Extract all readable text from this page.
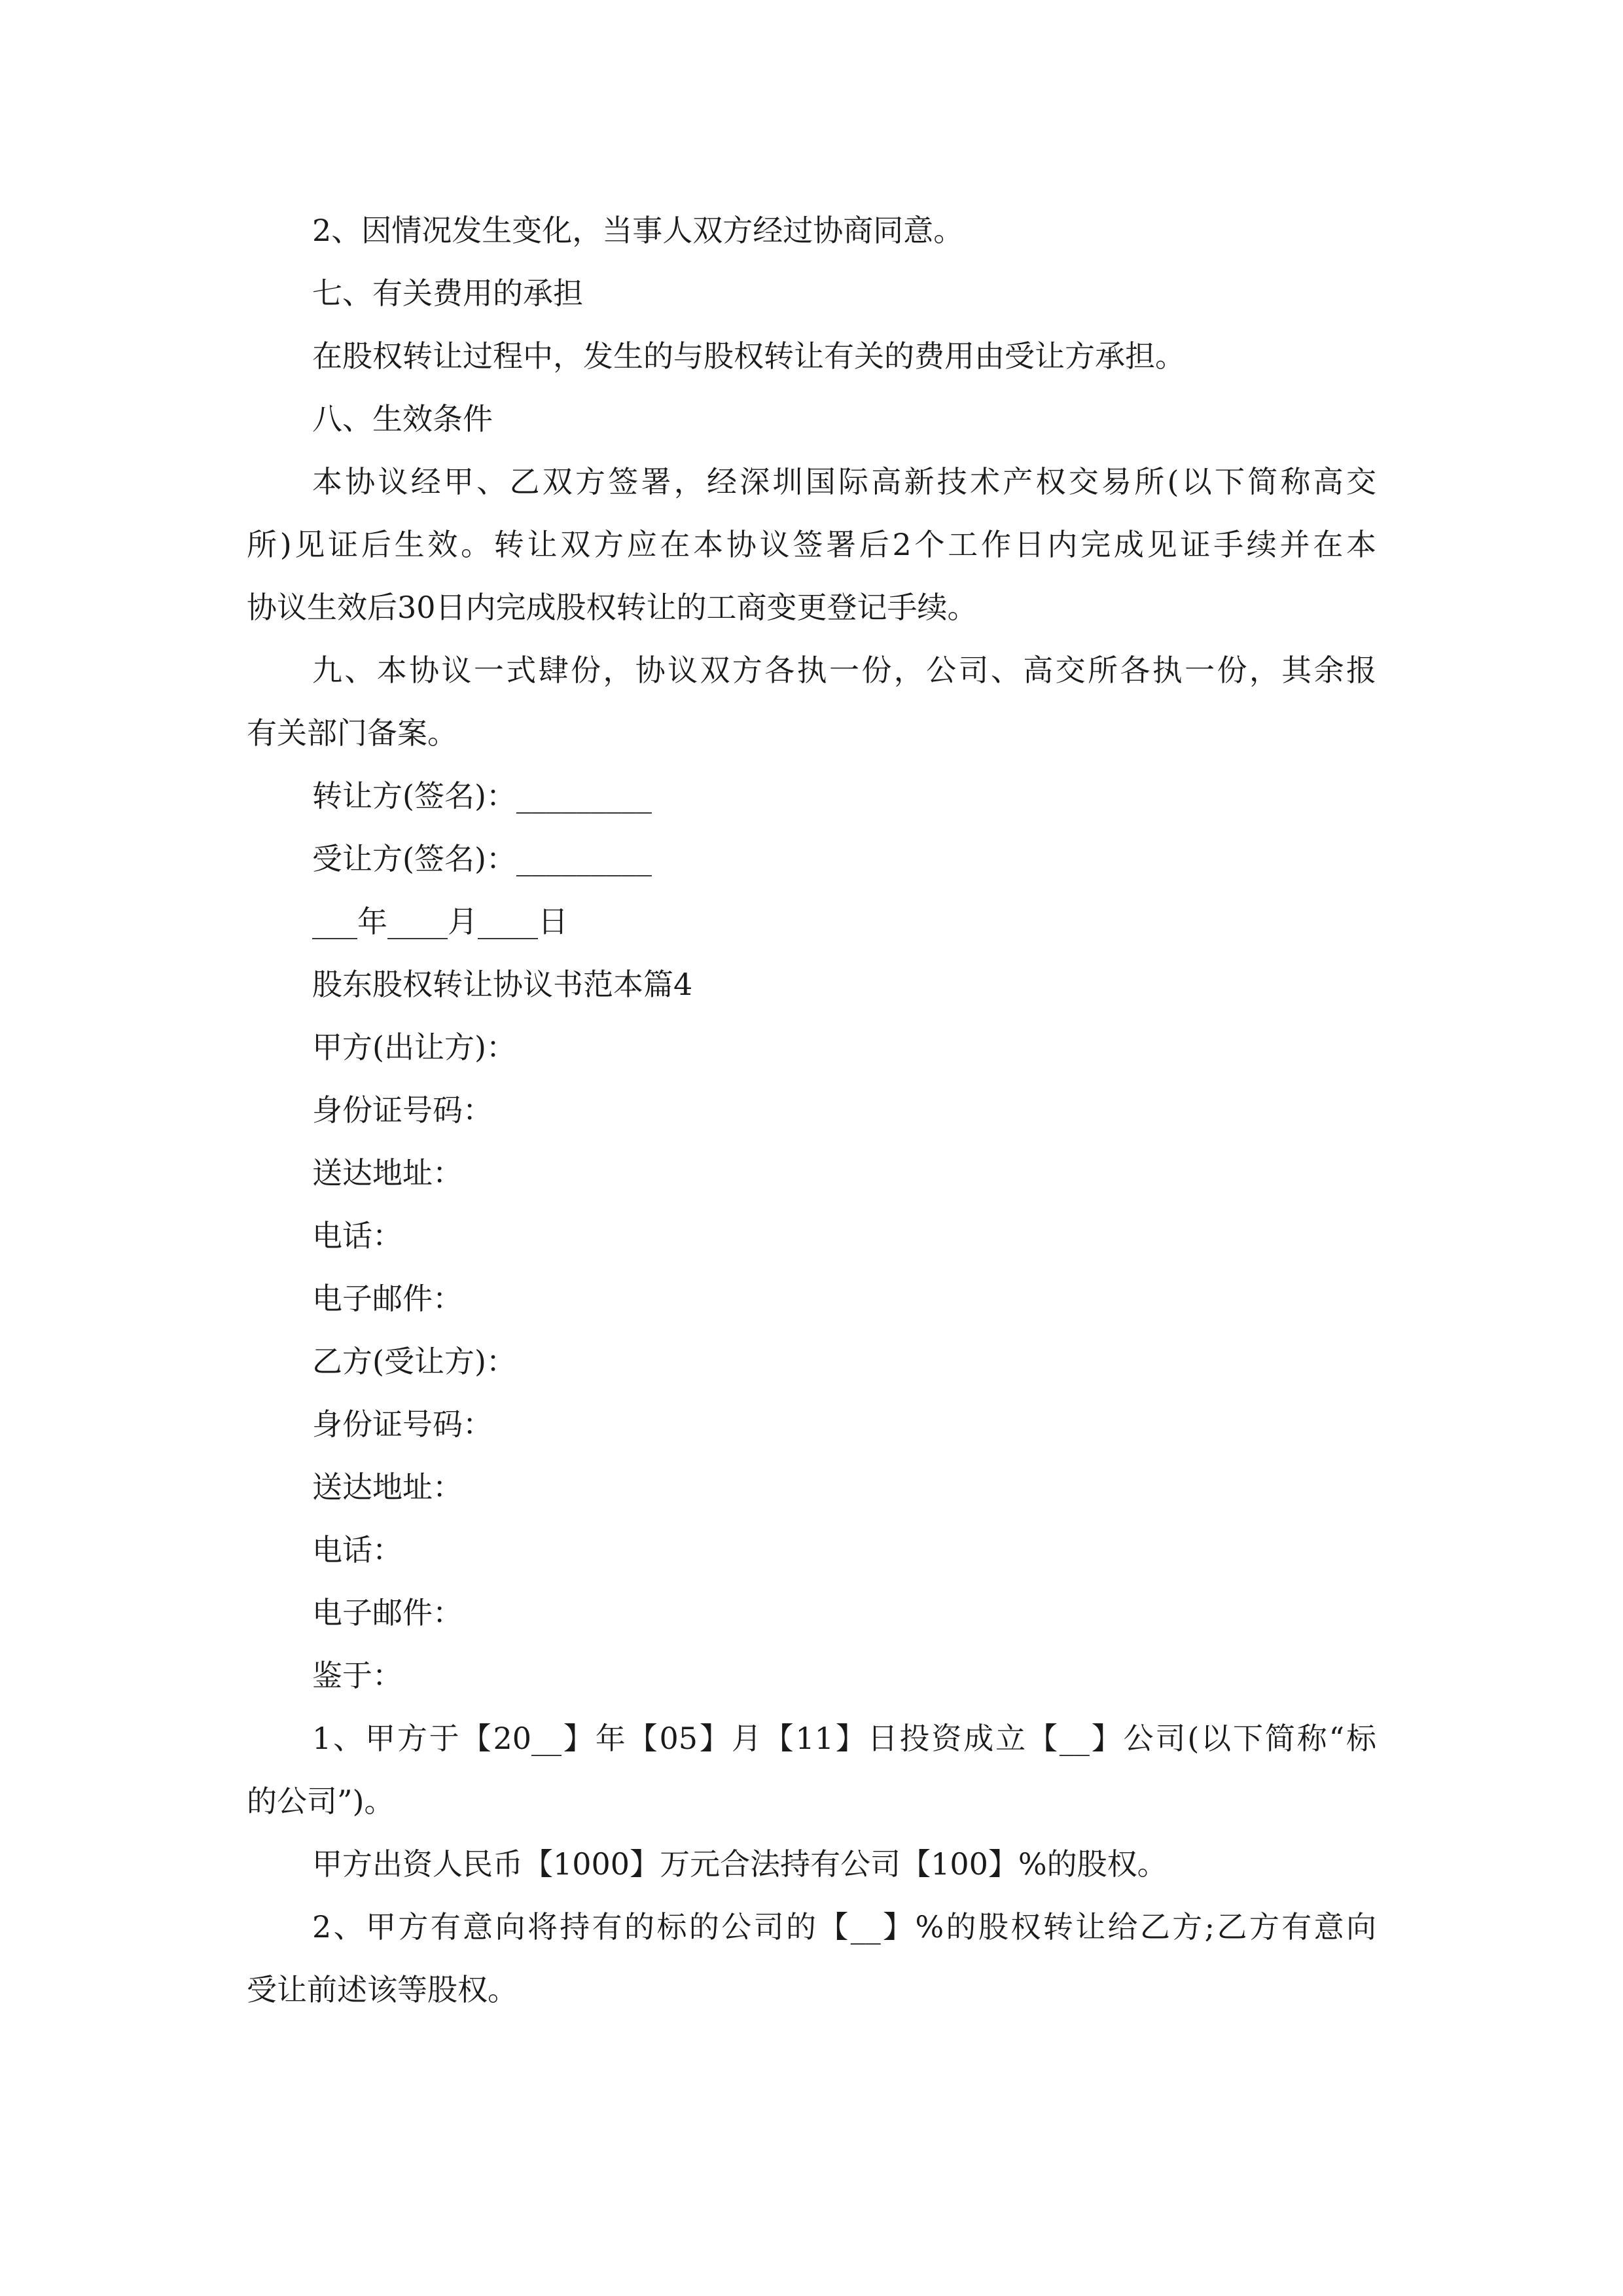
2、因情况发生变化，当事人双方经过协商同意。
七、有关费用的承担
在股权转让过程中，发生的与股权转让有关的费用由受让方承担。
八、生效条件
本协议经甲、乙双方签署，经深圳国际高新技术产权交易所(以下简称高交
所)见证后生效。转让双方应在本协议签署后2个工作日内完成见证手续并在本
协议生效后30日内完成股权转让的工商变更登记手续。
九、本协议一式肆份，协议双方各执一份，公司、高交所各执一份，其余报
有关部门备案。
转让方(签名)：_________
受让方(签名)：_________
___年____月____日
股东股权转让协议书范本篇4
甲方(出让方)：
身份证号码：
送达地址：
电话：
电子邮件：
乙方(受让方)：
身份证号码：
送达地址：
电话：
电子邮件：
鉴于：
1、甲方于【20__】年【05】月【11】日投资成立【__】公司(以下简称“标
的公司”)。
甲方出资人民币【1000】万元合法持有公司【100】%的股权。
2、甲方有意向将持有的标的公司的【__】%的股权转让给乙方;乙方有意向
受让前述该等股权。
